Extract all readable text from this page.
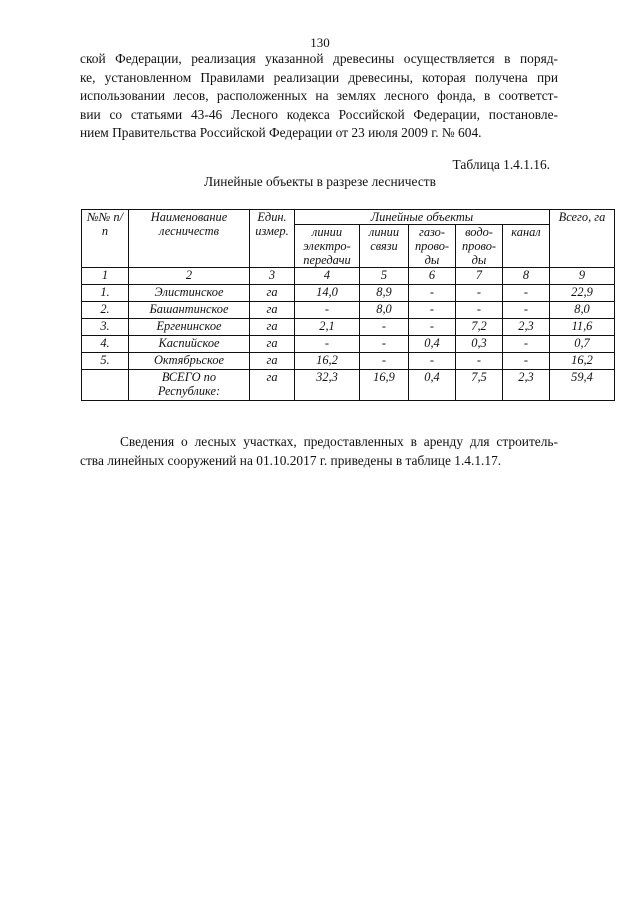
130
ской Федерации, реализация указанной древесины осуществляется в поряд-
ке, установленном Правилами реализации древесины, которая получена при
использовании лесов, расположенных на землях лесного фонда, в соответст-
вии со статьями 43-46 Лесного кодекса Российской Федерации, постановле-
нием Правительства Российской Федерации от 23 июля 2009 г. № 604.
Таблица 1.4.1.16.
Линейные объекты в разрезе лесничеств
№№ п/п	Наименование лесничеств	Един. измер.	Линейные объекты					Всего, га
			линии электро-передачи	линии связи	газо-прово-ды	водо-прово-ды	канал	
1	2	3	4	5	6	7	8	9
1.	Элистинское	га	14,0	8,9	-	-	-	22,9
2.	Башантинское	га	-	8,0	-	-	-	8,0
3.	Ергенинское	га	2,1	-	-	7,2	2,3	11,6
4.	Каспийское	га	-	-	0,4	0,3	-	0,7
5.	Октябрьское	га	16,2	-	-	-	-	16,2
	ВСЕГО по Республике:	га	32,3	16,9	0,4	7,5	2,3	59,4
Сведения о лесных участках, предоставленных в аренду для строитель-
ства линейных сооружений на 01.10.2017 г. приведены в таблице 1.4.1.17.
